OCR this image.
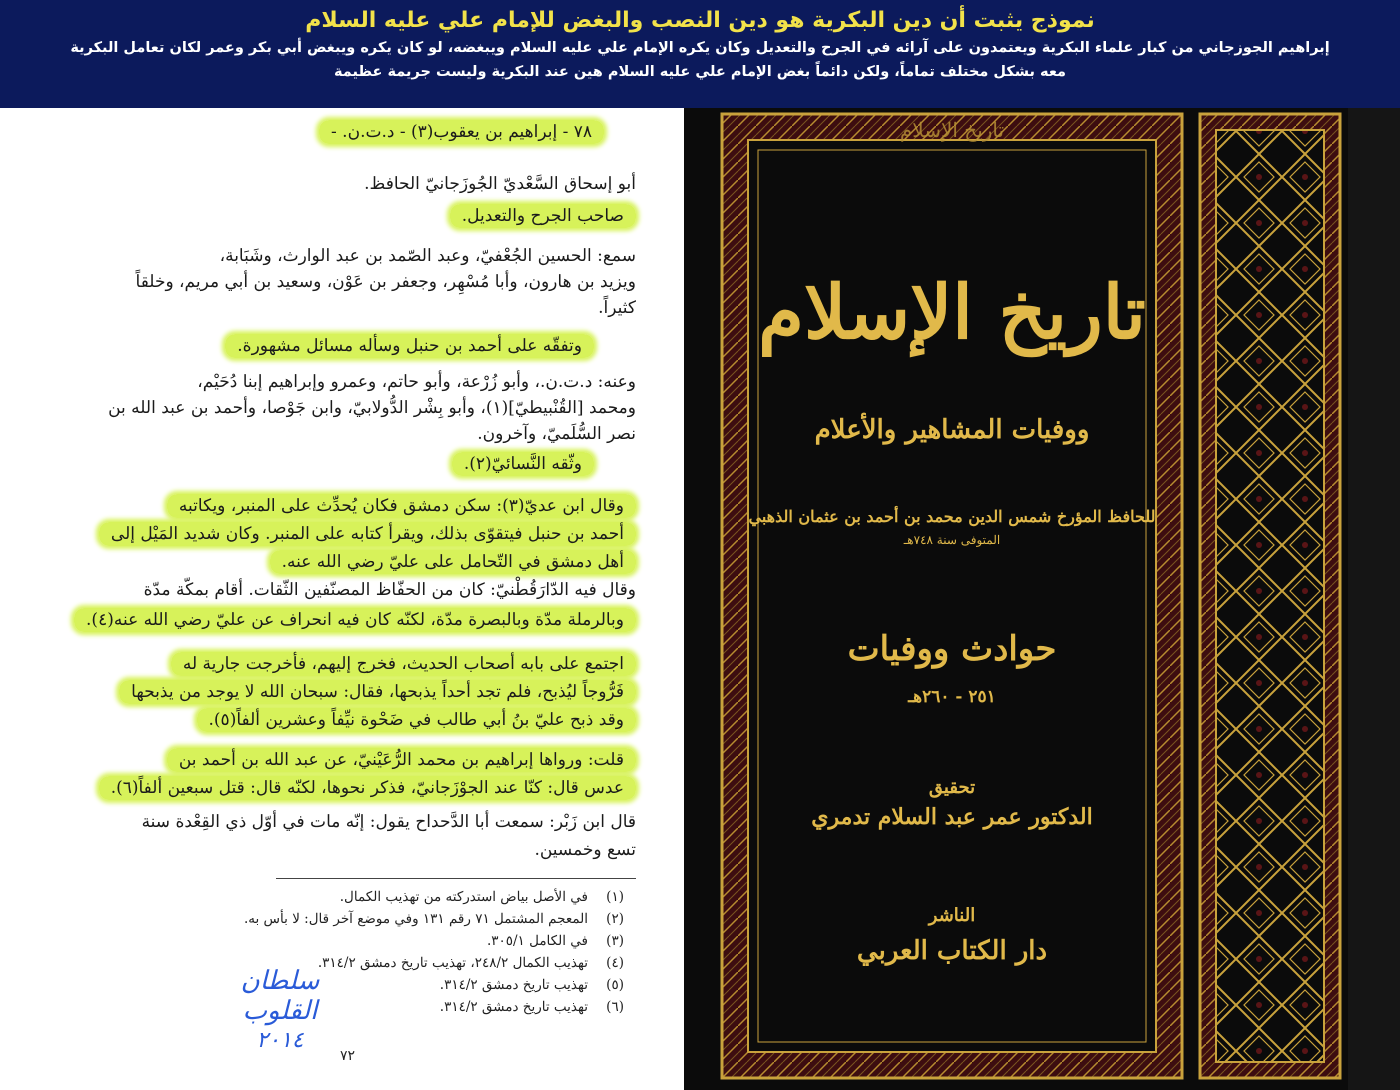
نموذج يثبت أن دين البكرية هو دين النصب والبغض للإمام علي عليه السلام
إبراهيم الجوزجاني من كبار علماء البكرية ويعتمدون على آرائه في الجرح والتعديل وكان يكره الإمام علي عليه السلام ويبغضه، لو كان يكره ويبغض أبي بكر وعمر لكان تعامل البكرية
معه بشكل مختلف تماماً، ولكن دائماً بغض الإمام علي عليه السلام هين عند البكرية وليست جريمة عظيمة
٧٨ - إبراهيم بن يعقوب(٣) - د.ت.ن. -
أبو إسحاق السَّعْديّ الجُوزَجانيّ الحافظ.
صاحب الجرح والتعديل.
سمع: الحسين الجُعْفيّ، وعبد الصّمد بن عبد الوارث، وشَبَابة،
ويزيد بن هارون، وأبا مُسْهِر، وجعفر بن عَوْن، وسعيد بن أبي مريم، وخلقاً
كثيراً.
وتفقّه على أحمد بن حنبل وسأله مسائل مشهورة.
وعنه: د.ت.ن.، وأبو زُرْعة، وأبو حاتم، وعمرو وإبراهيم إبنا دُحَيْم،
ومحمد [القُنْبيطيّ](١)، وأبو بِشْر الدُّولابيّ، وابن جَوْصا، وأحمد بن عبد الله بن
نصر السُّلَميّ، وآخرون.
وثّقه النَّسائيّ(٢).
وقال ابن عديّ(٣): سكن دمشق فكان يُحدِّث على المنبر، ويكاتبه
أحمد بن حنبل فيتقوّى بذلك، ويقرأ كتابه على المنبر. وكان شديد المَيْل إلى
أهل دمشق في التّحامل على عليّ رضي الله عنه.
وقال فيه الدّارَقُطْنيّ: كان من الحفّاظ المصنّفين الثّقات. أقام بمكّة مدّة
وبالرملة مدّة وبالبصرة مدّة، لكنّه كان فيه انحراف عن عليّ رضي الله عنه(٤).
اجتمع على بابه أصحاب الحديث، فخرج إليهم، فأخرجت جارية له
فَرُّوجاً ليُذبح، فلم تجد أحداً يذبحها، فقال: سبحان الله لا يوجد من يذبحها
وقد ذبح عليّ بنُ أبي طالب في ضَحْوة نيِّفاً وعشرين ألفاً(٥).
قلت: ورواها إبراهيم بن محمد الرُّعَيْنيّ، عن عبد الله بن أحمد بن
عدس قال: كنّا عند الجوْزَجانيّ، فذكر نحوها، لكنّه قال: قتل سبعين ألفاً(٦).
قال ابن زَبْر: سمعت أبا الدَّحداح يقول: إنّه مات في أوّل ذي القِعْدة سنة
تسع وخمسين.
(١)في الأصل بياض استدركته من تهذيب الكمال.
(٢)المعجم المشتمل ٧١ رقم ١٣١ وفي موضع آخر قال: لا بأس به.
(٣)في الكامل ٣٠٥/١.
(٤)تهذيب الكمال ٢٤٨/٢، تهذيب تاريخ دمشق ٣١٤/٢.
(٥)تهذيب تاريخ دمشق ٣١٤/٢.
(٦)تهذيب تاريخ دمشق ٣١٤/٢.
سلطان القلوب
٢٠١٤
٧٢
تاريخ الإسلام
تاريخ الإسلام
ووفيات المشاهير والأعلام
للحافظ المؤرخ شمس الدين محمد بن أحمد بن عثمان الذهبي
المتوفى سنة ٧٤٨هـ
حوادث ووفيات
٢٥١ - ٢٦٠هـ
تحقيق
الدكتور عمر عبد السلام تدمري
الناشر
دار الكتاب العربي
